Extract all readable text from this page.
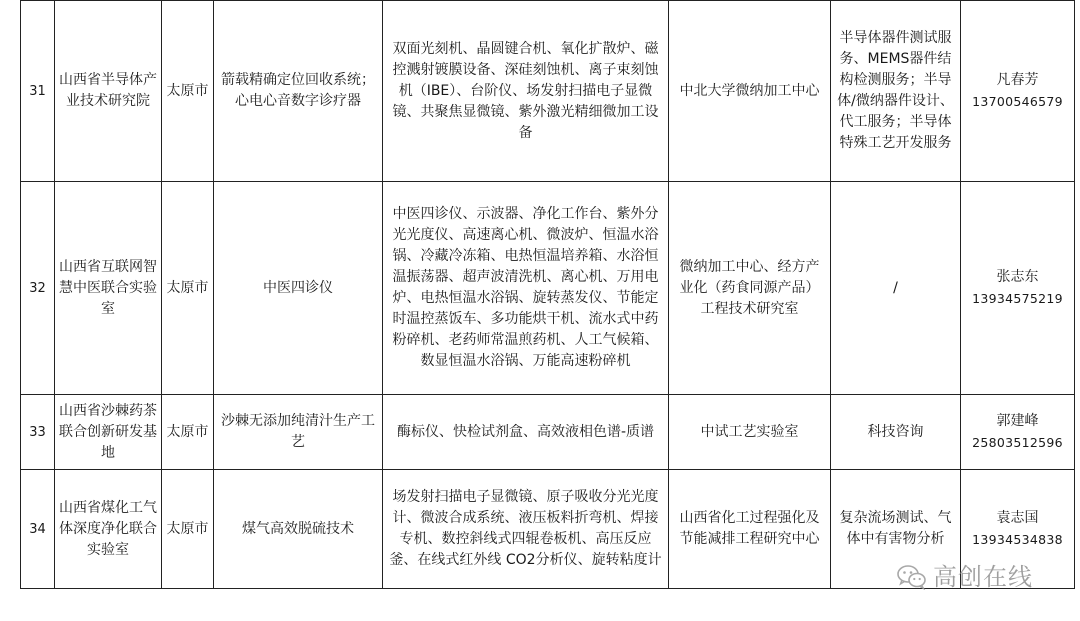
31	山西省半导体产业技术研究院	太原市	箭载精确定位回收系统；心电心音数字诊疗器	双面光刻机、晶圆键合机、氧化扩散炉、磁控溅射镀膜设备、深硅刻蚀机、离子束刻蚀机（IBE）、台阶仪、场发射扫描电子显微镜、共聚焦显微镜、紫外激光精细微加工设备	中北大学微纳加工中心	半导体器件测试服务、MEMS器件结构检测服务；半导体/微纳器件设计、代工服务；半导体特殊工艺开发服务	凡春芳
13700546579

32	山西省互联网智慧中医联合实验室	太原市	中医四诊仪	中医四诊仪、示波器、净化工作台、紫外分光光度仪、高速离心机、微波炉、恒温水浴锅、冷藏冷冻箱、电热恒温培养箱、水浴恒温振荡器、超声波清洗机、离心机、万用电炉、电热恒温水浴锅、旋转蒸发仪、节能定时温控蒸饭车、多功能烘干机、流水式中药粉碎机、老药师常温煎药机、人工气候箱、数显恒温水浴锅、万能高速粉碎机	微纳加工中心、经方产业化（药食同源产品）工程技术研究室	/	张志东
13934575219

33	山西省沙棘药茶联合创新研发基地	太原市	沙棘无添加纯清汁生产工艺	酶标仪、快检试剂盒、高效液相色谱-质谱	中试工艺实验室	科技咨询	郭建峰
25803512596

34	山西省煤化工气体深度净化联合实验室	太原市	煤气高效脱硫技术	场发射扫描电子显微镜、原子吸收分光光度计、微波合成系统、液压板料折弯机、焊接专机、数控斜线式四辊卷板机、高压反应釜、在线式红外线 CO2分析仪、旋转粘度计	山西省化工过程强化及节能减排工程研究中心	复杂流场测试、气体中有害物分析	袁志国
13934534838
高创在线
